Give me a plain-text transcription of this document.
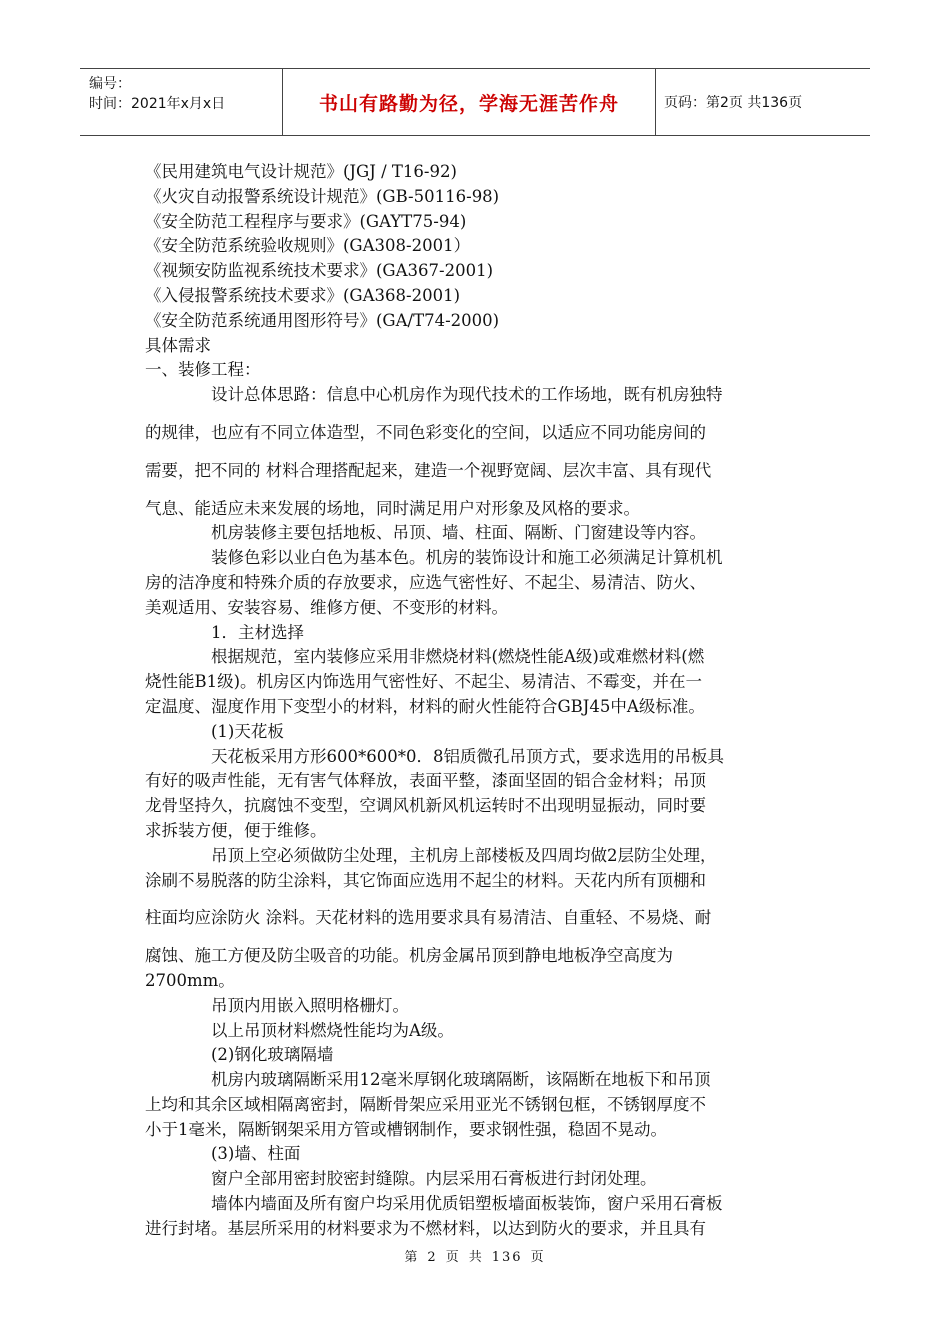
编号：
时间：2021年x月x日	书山有路勤为径，学海无涯苦作舟	页码：第2页 共136页
《民用建筑电气设计规范》(JGJ / T16-92)
《火灾自动报警系统设计规范》(GB-50116-98)
《安全防范工程程序与要求》(GAYT75-94)
《安全防范系统验收规则》(GA308-2001）
《视频安防监视系统技术要求》(GA367-2001)
《入侵报警系统技术要求》(GA368-2001)
《安全防范系统通用图形符号》(GA/T74-2000)
具体需求
一、装修工程：
设计总体思路：信息中心机房作为现代技术的工作场地，既有机房独特
的规律，也应有不同立体造型，不同色彩变化的空间，以适应不同功能房间的
需要，把不同的 材料合理搭配起来，建造一个视野宽阔、层次丰富、具有现代
气息、能适应未来发展的场地，同时满足用户对形象及风格的要求。
机房装修主要包括地板、吊顶、墙、柱面、隔断、门窗建设等内容。
装修色彩以业白色为基本色。机房的装饰设计和施工必须满足计算机机
房的洁净度和特殊介质的存放要求，应选气密性好、不起尘、易清洁、防火、
美观适用、安装容易、维修方便、不变形的材料。
1．主材选择
根据规范，室内装修应采用非燃烧材料(燃烧性能A级)或难燃材料(燃
烧性能B1级)。机房区内饰选用气密性好、不起尘、易清洁、不霉变，并在一
定温度、湿度作用下变型小的材料，材料的耐火性能符合GBJ45中A级标准。
(1)天花板
天花板采用方形600*600*0．8铝质微孔吊顶方式，要求选用的吊板具
有好的吸声性能，无有害气体释放，表面平整，漆面坚固的铝合金材料；吊顶
龙骨坚持久，抗腐蚀不变型，空调风机新风机运转时不出现明显振动，同时要
求拆装方便，便于维修。
吊顶上空必须做防尘处理，主机房上部楼板及四周均做2层防尘处理，
涂刷不易脱落的防尘涂料，其它饰面应选用不起尘的材料。天花内所有顶棚和
柱面均应涂防火 涂料。天花材料的选用要求具有易清洁、自重轻、不易烧、耐
腐蚀、施工方便及防尘吸音的功能。机房金属吊顶到静电地板净空高度为
2700mm。
吊顶内用嵌入照明格栅灯。
以上吊顶材料燃烧性能均为A级。
(2)钢化玻璃隔墙
机房内玻璃隔断采用12毫米厚钢化玻璃隔断，该隔断在地板下和吊顶
上均和其余区域相隔离密封，隔断骨架应采用亚光不锈钢包框，不锈钢厚度不
小于1毫米，隔断钢架采用方管或槽钢制作，要求钢性强，稳固不晃动。
(3)墙、柱面
窗户全部用密封胶密封缝隙。内层采用石膏板进行封闭处理。
墙体内墙面及所有窗户均采用优质铝塑板墙面板装饰，窗户采用石膏板
进行封堵。基层所采用的材料要求为不燃材料，以达到防火的要求，并且具有
第 2 页 共 136 页
